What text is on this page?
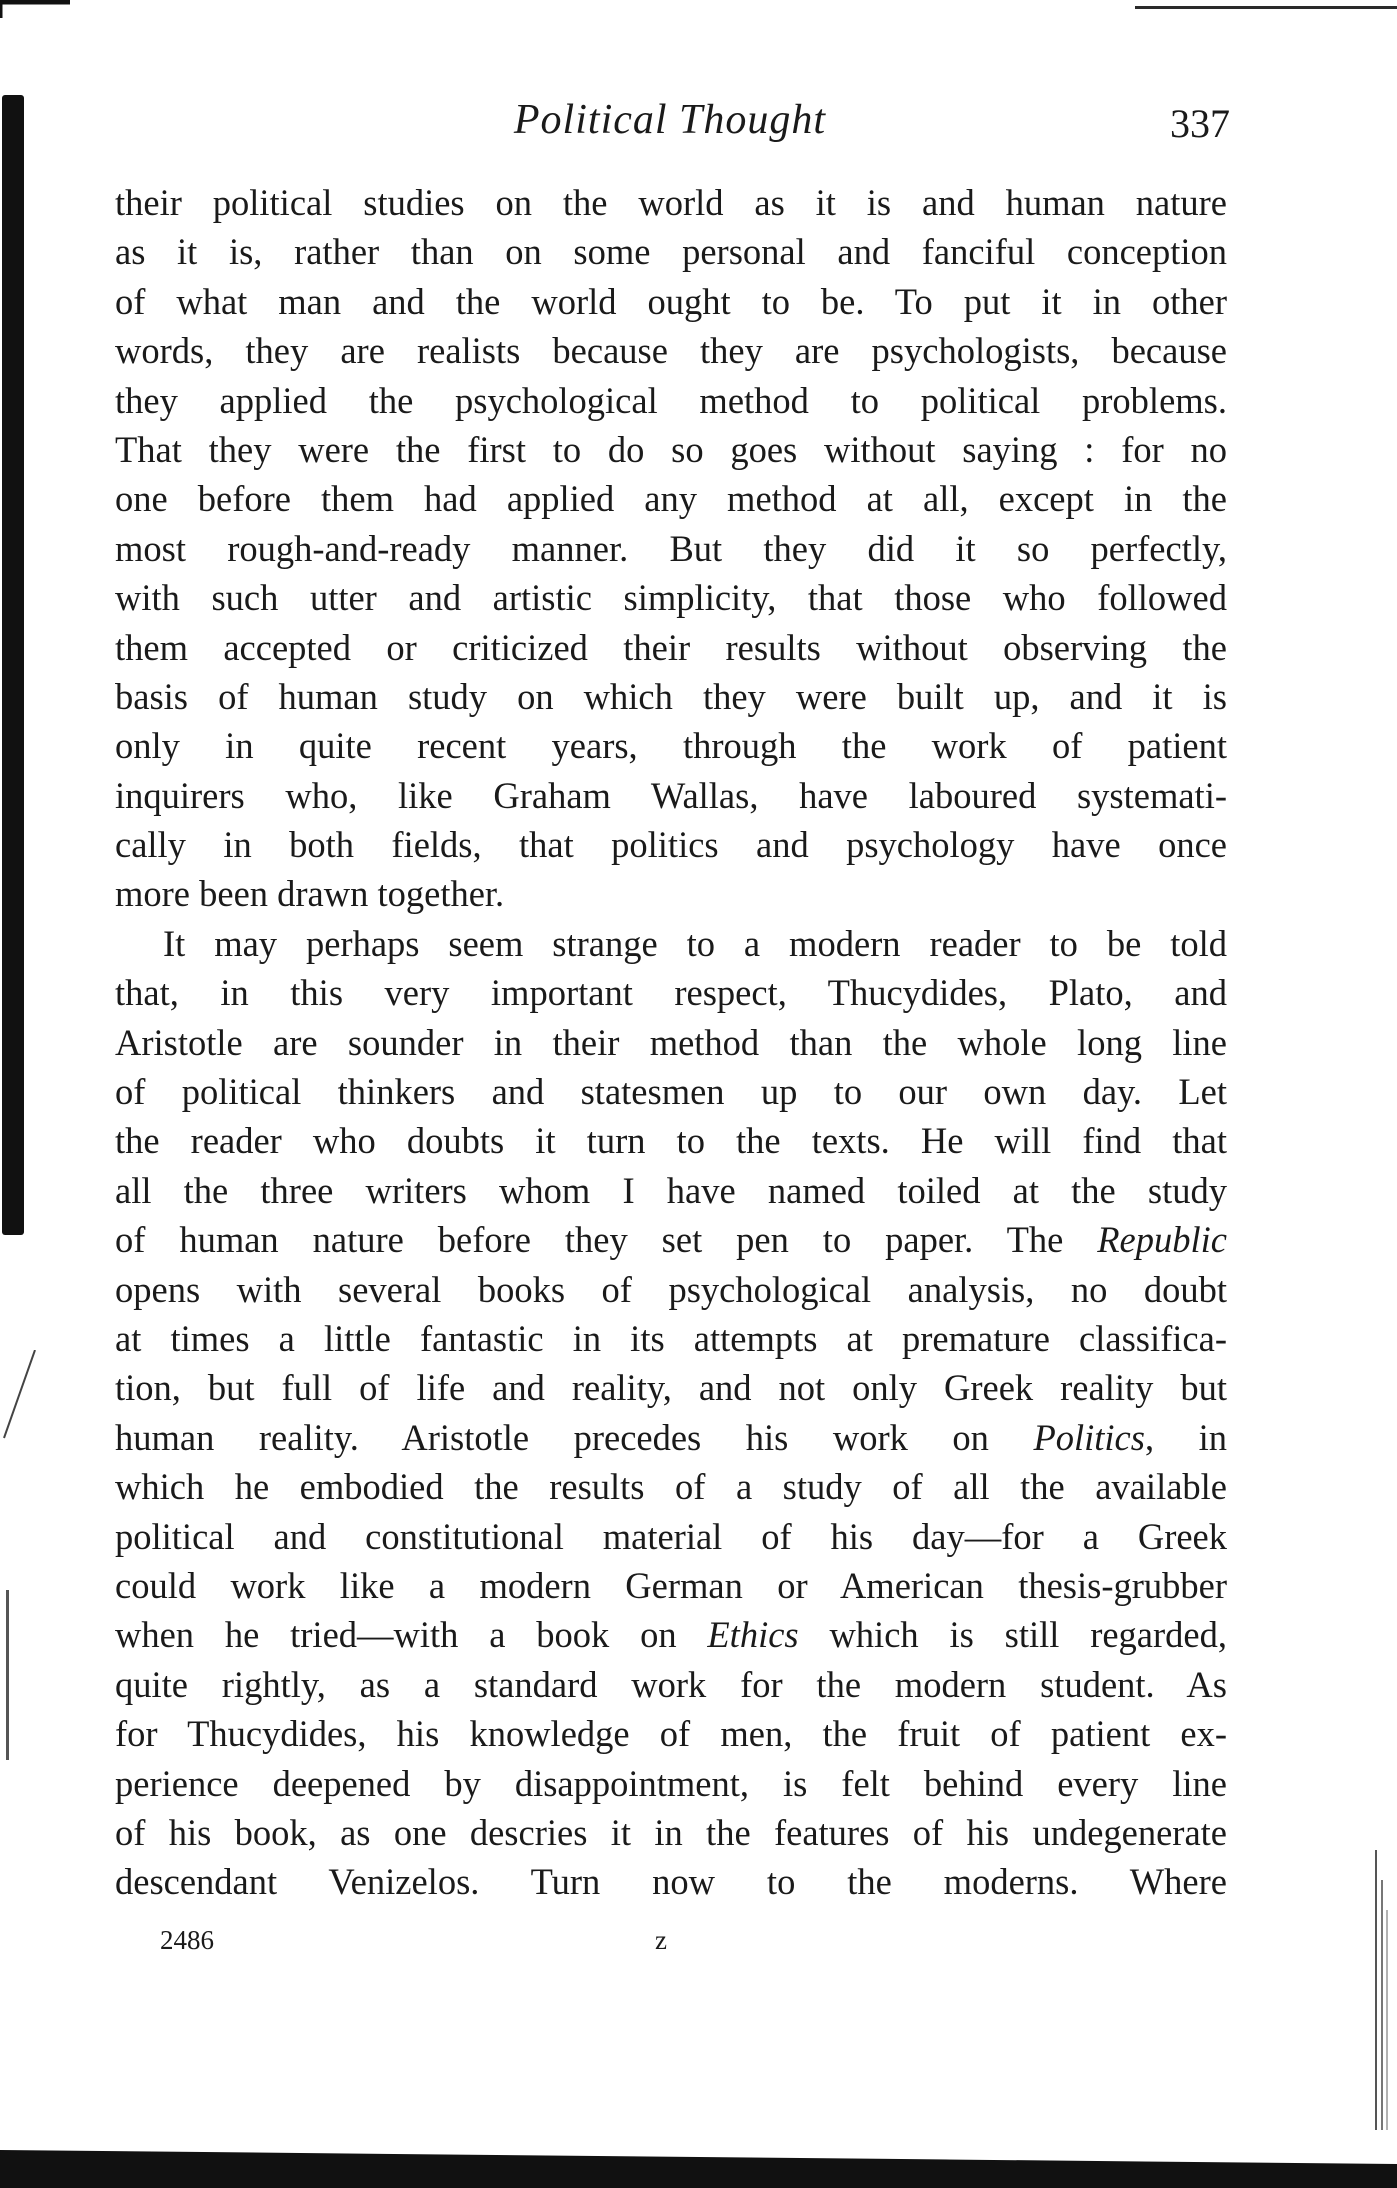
Political Thought	337
their political studies on the world as it is and human nature
as it is, rather than on some personal and fanciful conception
of what man and the world ought to be. To put it in other
words, they are realists because they are psychologists, because
they applied the psychological method to political problems.
That they were the first to do so goes without saying : for no
one before them had applied any method at all, except in the
most rough-and-ready manner. But they did it so perfectly,
with such utter and artistic simplicity, that those who followed
them accepted or criticized their results without observing the
basis of human study on which they were built up, and it is
only in quite recent years, through the work of patient
inquirers who, like Graham Wallas, have laboured systemati-
cally in both fields, that politics and psychology have once
more been drawn together.
It may perhaps seem strange to a modern reader to be told
that, in this very important respect, Thucydides, Plato, and
Aristotle are sounder in their method than the whole long line
of political thinkers and statesmen up to our own day. Let
the reader who doubts it turn to the texts. He will find that
all the three writers whom I have named toiled at the study
of human nature before they set pen to paper. The Republic
opens with several books of psychological analysis, no doubt
at times a little fantastic in its attempts at premature classifica-
tion, but full of life and reality, and not only Greek reality but
human reality. Aristotle precedes his work on Politics, in
which he embodied the results of a study of all the available
political and constitutional material of his day—for a Greek
could work like a modern German or American thesis-grubber
when he tried—with a book on Ethics which is still regarded,
quite rightly, as a standard work for the modern student. As
for Thucydides, his knowledge of men, the fruit of patient ex-
perience deepened by disappointment, is felt behind every line
of his book, as one descries it in the features of his undegenerate
descendant Venizelos. Turn now to the moderns. Where
2486	z
